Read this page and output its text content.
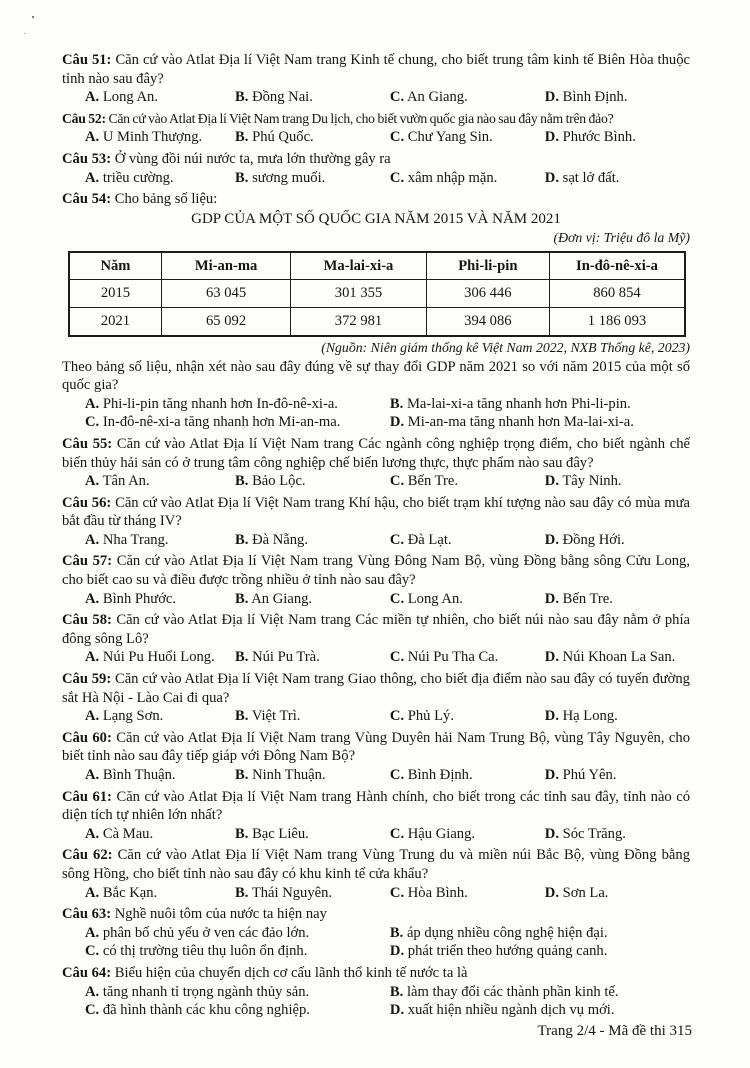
Câu 51: Căn cứ vào Atlat Địa lí Việt Nam trang Kinh tế chung, cho biết trung tâm kinh tế Biên Hòa thuộc tỉnh nào sau đây?

A. Long An.	B. Đồng Nai.	C. An Giang.	D. Bình Định.

Câu 52: Căn cứ vào Atlat Địa lí Việt Nam trang Du lịch, cho biết vườn quốc gia nào sau đây nằm trên đảo?

A. U Minh Thượng.	B. Phú Quốc.	C. Chư Yang Sin.	D. Phước Bình.

Câu 53: Ở vùng đồi núi nước ta, mưa lớn thường gây ra

A. triều cường.	B. sương muối.	C. xâm nhập mặn.	D. sạt lở đất.

Câu 54: Cho bảng số liệu:

GDP CỦA MỘT SỐ QUỐC GIA NĂM 2015 VÀ NĂM 2021

(Đơn vị: Triệu đô la Mỹ)

Năm	Mi-an-ma	Ma-lai-xi-a	Phi-li-pin	In-đô-nê-xi-a
2015	63 045	301 355	306 446	860 854
2021	65 092	372 981	394 086	1 186 093

(Nguồn: Niên giám thống kê Việt Nam 2022, NXB Thống kê, 2023)

Theo bảng số liệu, nhận xét nào sau đây đúng về sự thay đổi GDP năm 2021 so với năm 2015 của một số quốc gia?

A. Phi-li-pin tăng nhanh hơn In-đô-nê-xi-a.	B. Ma-lai-xi-a tăng nhanh hơn Phi-li-pin.
C. In-đô-nê-xi-a tăng nhanh hơn Mi-an-ma.	D. Mi-an-ma tăng nhanh hơn Ma-lai-xi-a.

Câu 55: Căn cứ vào Atlat Địa lí Việt Nam trang Các ngành công nghiệp trọng điểm, cho biết ngành chế biến thủy hải sản có ở trung tâm công nghiệp chế biến lương thực, thực phẩm nào sau đây?

A. Tân An.	B. Bảo Lộc.	C. Bến Tre.	D. Tây Ninh.

Câu 56: Căn cứ vào Atlat Địa lí Việt Nam trang Khí hậu, cho biết trạm khí tượng nào sau đây có mùa mưa bắt đầu từ tháng IV?

A. Nha Trang.	B. Đà Nẵng.	C. Đà Lạt.	D. Đồng Hới.

Câu 57: Căn cứ vào Atlat Địa lí Việt Nam trang Vùng Đông Nam Bộ, vùng Đồng bằng sông Cửu Long, cho biết cao su và điều được trồng nhiều ở tỉnh nào sau đây?

A. Bình Phước.	B. An Giang.	C. Long An.	D. Bến Tre.

Câu 58: Căn cứ vào Atlat Địa lí Việt Nam trang Các miền tự nhiên, cho biết núi nào sau đây nằm ở phía đông sông Lô?

A. Núi Pu Huổi Long.	B. Núi Pu Trà.	C. Núi Pu Tha Ca.	D. Núi Khoan La San.

Câu 59: Căn cứ vào Atlat Địa lí Việt Nam trang Giao thông, cho biết địa điểm nào sau đây có tuyến đường sắt Hà Nội - Lào Cai đi qua?

A. Lạng Sơn.	B. Việt Trì.	C. Phủ Lý.	D. Hạ Long.

Câu 60: Căn cứ vào Atlat Địa lí Việt Nam trang Vùng Duyên hải Nam Trung Bộ, vùng Tây Nguyên, cho biết tỉnh nào sau đây tiếp giáp với Đông Nam Bộ?

A. Bình Thuận.	B. Ninh Thuận.	C. Bình Định.	D. Phú Yên.

Câu 61: Căn cứ vào Atlat Địa lí Việt Nam trang Hành chính, cho biết trong các tỉnh sau đây, tỉnh nào có diện tích tự nhiên lớn nhất?

A. Cà Mau.	B. Bạc Liêu.	C. Hậu Giang.	D. Sóc Trăng.

Câu 62: Căn cứ vào Atlat Địa lí Việt Nam trang Vùng Trung du và miền núi Bắc Bộ, vùng Đồng bằng sông Hồng, cho biết tỉnh nào sau đây có khu kinh tế cửa khẩu?

A. Bắc Kạn.	B. Thái Nguyên.	C. Hòa Bình.	D. Sơn La.

Câu 63: Nghề nuôi tôm của nước ta hiện nay

A. phân bố chủ yếu ở ven các đảo lớn.	B. áp dụng nhiều công nghệ hiện đại.
C. có thị trường tiêu thụ luôn ổn định.	D. phát triển theo hướng quảng canh.

Câu 64: Biểu hiện của chuyển dịch cơ cấu lãnh thổ kinh tế nước ta là

A. tăng nhanh tỉ trọng ngành thủy sản.	B. làm thay đổi các thành phần kinh tế.
C. đã hình thành các khu công nghiệp.	D. xuất hiện nhiều ngành dịch vụ mới.
Trang 2/4 - Mã đề thi 315
